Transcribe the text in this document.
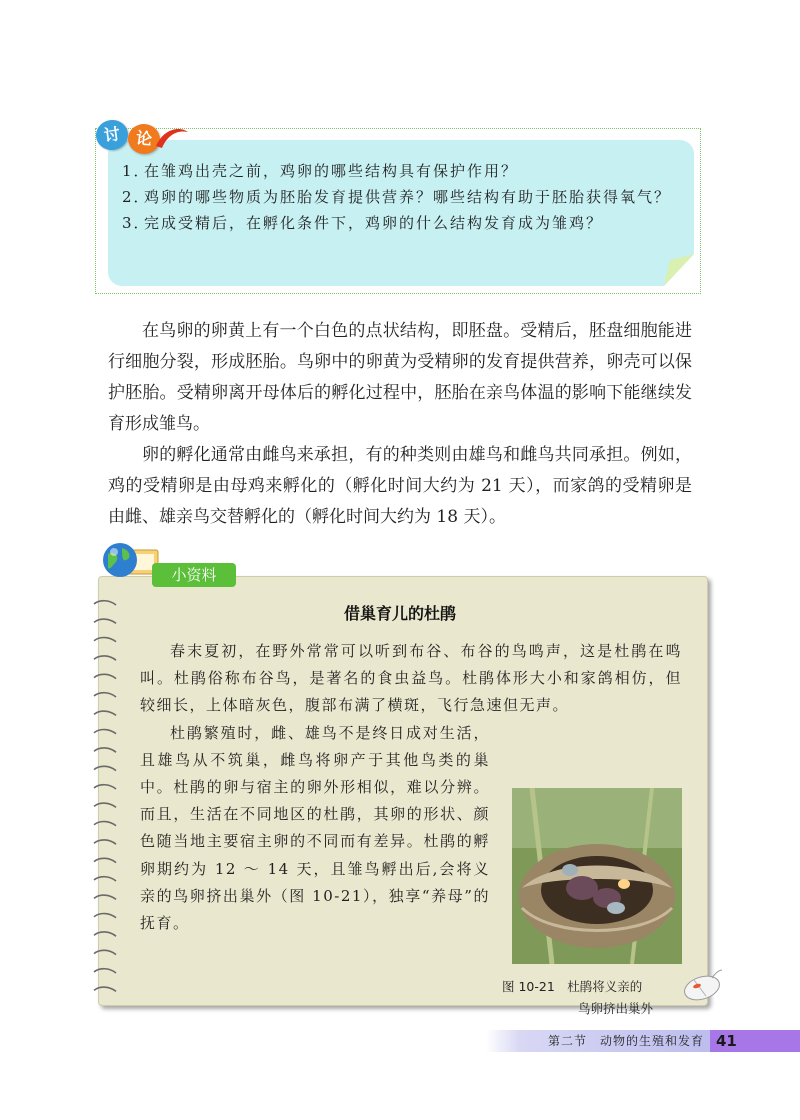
讨 论
1．
在雏鸡出壳之前，鸡卵的哪些结构具有保护作用？
2．
鸡卵的哪些物质为胚胎发育提供营养？哪些结构有助于胚胎获得氧气？
3．
完成受精后，在孵化条件下，鸡卵的什么结构发育成为雏鸡？

在鸟卵的卵黄上有一个白色的点状结构，即胚盘。受精后，胚盘细胞能进行细胞分裂，形成胚胎。鸟卵中的卵黄为受精卵的发育提供营养，卵壳可以保护胚胎。受精卵离开母体后的孵化过程中，胚胎在亲鸟体温的影响下能继续发育形成雏鸟。

卵的孵化通常由雌鸟来承担，有的种类则由雄鸟和雌鸟共同承担。例如，鸡的受精卵是由母鸡来孵化的（孵化时间大约为 21 天），而家鸽的受精卵是由雌、雄亲鸟交替孵化的（孵化时间大约为 18 天）。

小资料
借巢育儿的杜鹃

春末夏初，在野外常常可以听到布谷、布谷的鸟鸣声，这是杜鹃在鸣叫。杜鹃俗称布谷鸟，是著名的食虫益鸟。杜鹃体形大小和家鸽相仿，但较细长，上体暗灰色，腹部布满了横斑，飞行急速但无声。

图 10-21　杜鹃将义亲的
鸟卵挤出巢外

杜鹃繁殖时，雌、雄鸟不是终日成对生活，且雄鸟从不筑巢，雌鸟将卵产于其他鸟类的巢中。杜鹃的卵与宿主的卵外形相似，难以分辨。而且，生活在不同地区的杜鹃，其卵的形状、颜色随当地主要宿主卵的不同而有差异。杜鹃的孵卵期约为 12 ～ 14 天，且雏鸟孵出后,会将义亲的鸟卵挤出巢外（图 10-21），独享“养母”的抚育。

第二节　动物的生殖和发育 41
